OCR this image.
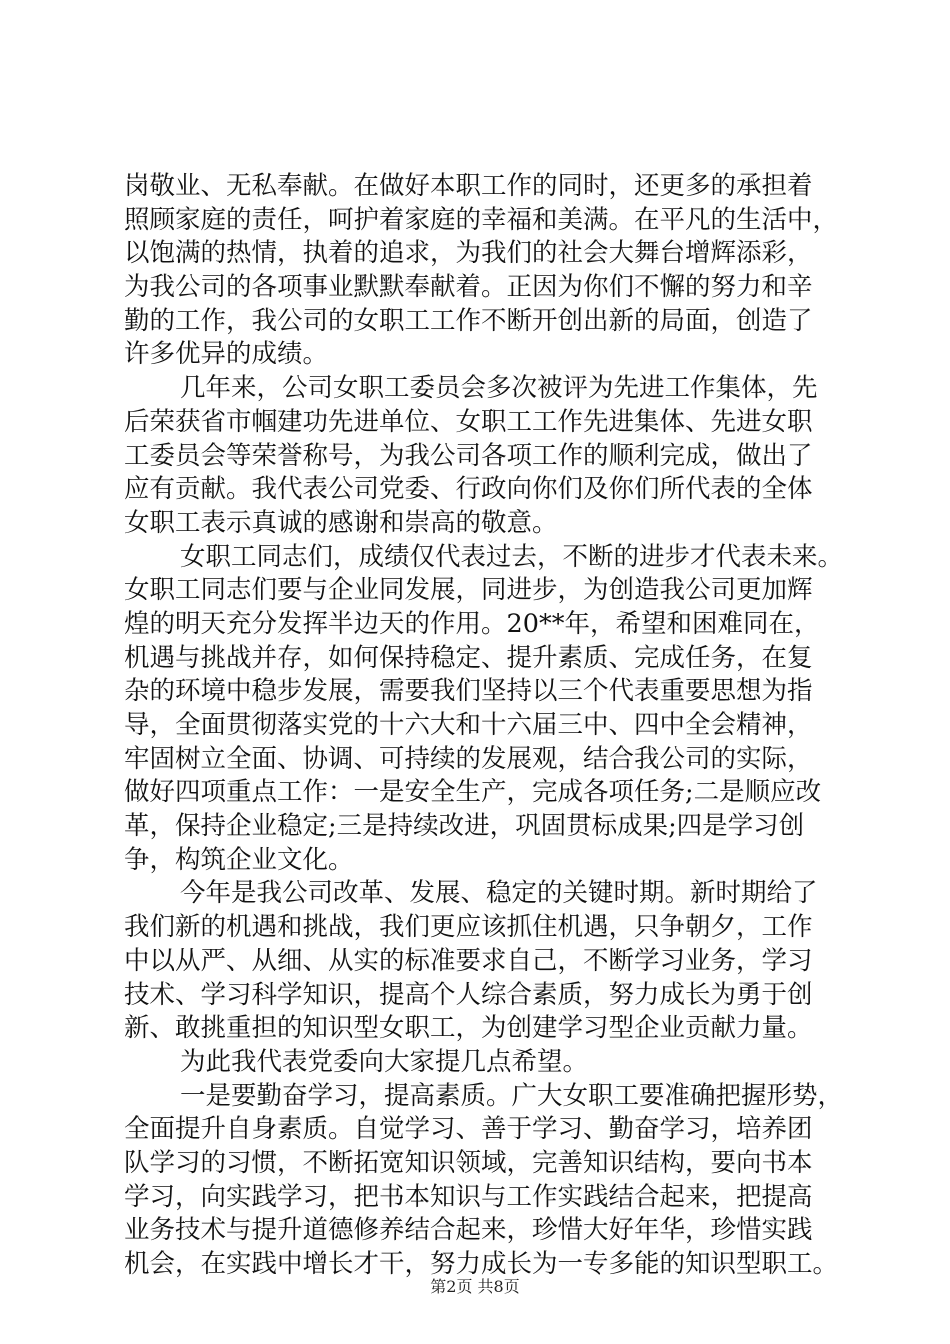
岗敬业、无私奉献。在做好本职工作的同时，还更多的承担着
照顾家庭的责任，呵护着家庭的幸福和美满。在平凡的生活中，
以饱满的热情，执着的追求，为我们的社会大舞台增辉添彩，
为我公司的各项事业默默奉献着。正因为你们不懈的努力和辛
勤的工作，我公司的女职工工作不断开创出新的局面，创造了
许多优异的成绩。
几年来，公司女职工委员会多次被评为先进工作集体，先
后荣获省市帼建功先进单位、女职工工作先进集体、先进女职
工委员会等荣誉称号，为我公司各项工作的顺利完成，做出了
应有贡献。我代表公司党委、行政向你们及你们所代表的全体
女职工表示真诚的感谢和崇高的敬意。
女职工同志们，成绩仅代表过去，不断的进步才代表未来。
女职工同志们要与企业同发展，同进步，为创造我公司更加辉
煌的明天充分发挥半边天的作用。20**年，希望和困难同在，
机遇与挑战并存，如何保持稳定、提升素质、完成任务，在复
杂的环境中稳步发展，需要我们坚持以三个代表重要思想为指
导，全面贯彻落实党的十六大和十六届三中、四中全会精神，
牢固树立全面、协调、可持续的发展观，结合我公司的实际，
做好四项重点工作：一是安全生产，完成各项任务;二是顺应改
革，保持企业稳定;三是持续改进，巩固贯标成果;四是学习创
争，构筑企业文化。
今年是我公司改革、发展、稳定的关键时期。新时期给了
我们新的机遇和挑战，我们更应该抓住机遇，只争朝夕，工作
中以从严、从细、从实的标准要求自己，不断学习业务，学习
技术、学习科学知识，提高个人综合素质，努力成长为勇于创
新、敢挑重担的知识型女职工，为创建学习型企业贡献力量。
为此我代表党委向大家提几点希望。
一是要勤奋学习，提高素质。广大女职工要准确把握形势，
全面提升自身素质。自觉学习、善于学习、勤奋学习，培养团
队学习的习惯，不断拓宽知识领域，完善知识结构，要向书本
学习，向实践学习，把书本知识与工作实践结合起来，把提高
业务技术与提升道德修养结合起来，珍惜大好年华，珍惜实践
机会，在实践中增长才干，努力成长为一专多能的知识型职工。
第2页 共8页
